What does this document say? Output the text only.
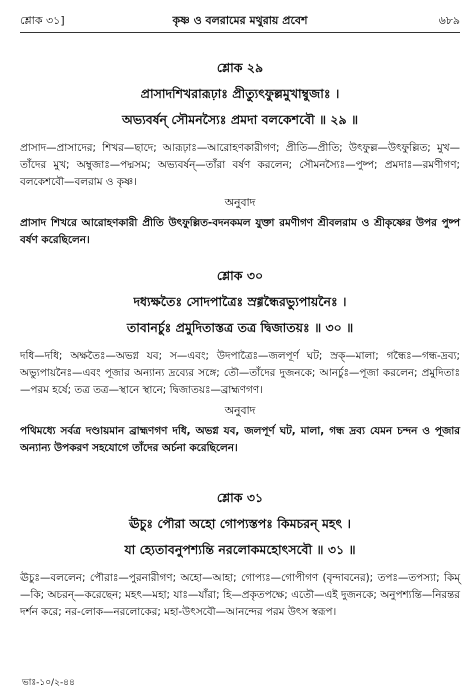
শ্লোক ৩১]	কৃষ্ণ ও বলরামের মথুরায় প্রবেশ	৬৮৯
শ্লোক ২৯
প্রাসাদশিখরারূঢ়াঃ প্রীত্যুৎফুল্লমুখাম্বুজাঃ ।
অভ্যবর্ষন্ সৌমনস্যৈঃ প্রমদা বলকেশবৌ ॥ ২৯ ॥
প্রাসাদ—প্রাসাদের; শিখর—ছাদে; আরূঢ়াঃ—আরোহণকারীগণ; প্রীতি—প্রীতি; উৎফুল্ল—উৎফুল্লিত; মুখ—তাঁদের মুখ; অম্বুজাঃ—পদ্মসম; অভ্যবর্ষন্—তাঁরা বর্ষণ করলেন; সৌমনস্যৈঃ—পুষ্প; প্রমদাঃ—রমণীগণ; বলকেশবৌ—বলরাম ও কৃষ্ণ।
অনুবাদ
প্রাসাদ শিখরে আরোহণকারী প্রীতি উৎফুল্লিত-বদনকমল যুক্তা রমণীগণ শ্রীবলরাম ও শ্রীকৃষ্ণের উপর পুষ্প বর্ষণ করেছিলেন।
শ্লোক ৩০
দধ্যক্ষতৈঃ সোদপাত্রৈঃ স্রগ্গন্ধৈরভ্যুপায়নৈঃ ।
তাবানর্চুঃ প্রমুদিতাস্তত্র তত্র দ্বিজাতয়ঃ ॥ ৩০ ॥
দধি—দধি; অক্ষতৈঃ—অভগ্ন যব; স—এবং; উদপাত্রৈঃ—জলপূর্ণ ঘট; স্রক্—মালা; গন্ধৈঃ—গন্ধ-দ্রব্য; অভ্যুপায়নৈঃ—এবং পূজার অন্যান্য দ্রব্যের সঙ্গে; তৌ—তাঁদের দুজনকে; আনর্চুঃ—পূজা করলেন; প্রমুদিতাঃ—পরম হর্ষে; তত্র তত্র—স্থানে স্থানে; দ্বিজাতয়ঃ—ব্রাহ্মণগণ।
অনুবাদ
পথিমধ্যে সর্বত্র দণ্ডায়মান ব্রাহ্মণগণ দধি, অভগ্ন যব, জলপূর্ণ ঘট, মালা, গন্ধ দ্রব্য যেমন চন্দন ও পূজার অন্যান্য উপকরণ সহযোগে তাঁদের অর্চনা করেছিলেন।
শ্লোক ৩১
ঊচুঃ পৌরা অহো গোপ্যস্তপঃ কিমচরন্ মহৎ ।
যা হ্যেতাবনুপশ্যন্তি নরলোকমহোৎসবৌ ॥ ৩১ ॥
ঊচুঃ—বললেন; পৌরাঃ—পুরনারীগণ; অহো—আহা; গোপ্যঃ—গোপীগণ (বৃন্দাবনের); তপঃ—তপস্যা; কিম্—কি; অচরন্—করেছেন; মহৎ—মহা; যাঃ—যাঁরা; হি—প্রকৃতপক্ষে; এতৌ—এই দুজনকে; অনুপশ্যন্তি—নিরন্তর দর্শন করে; নর-লোক—নরলোকের; মহা-উৎসবৌ—আনন্দের পরম উৎস স্বরূপ।
ভাঃ-১০/২-৪৪
